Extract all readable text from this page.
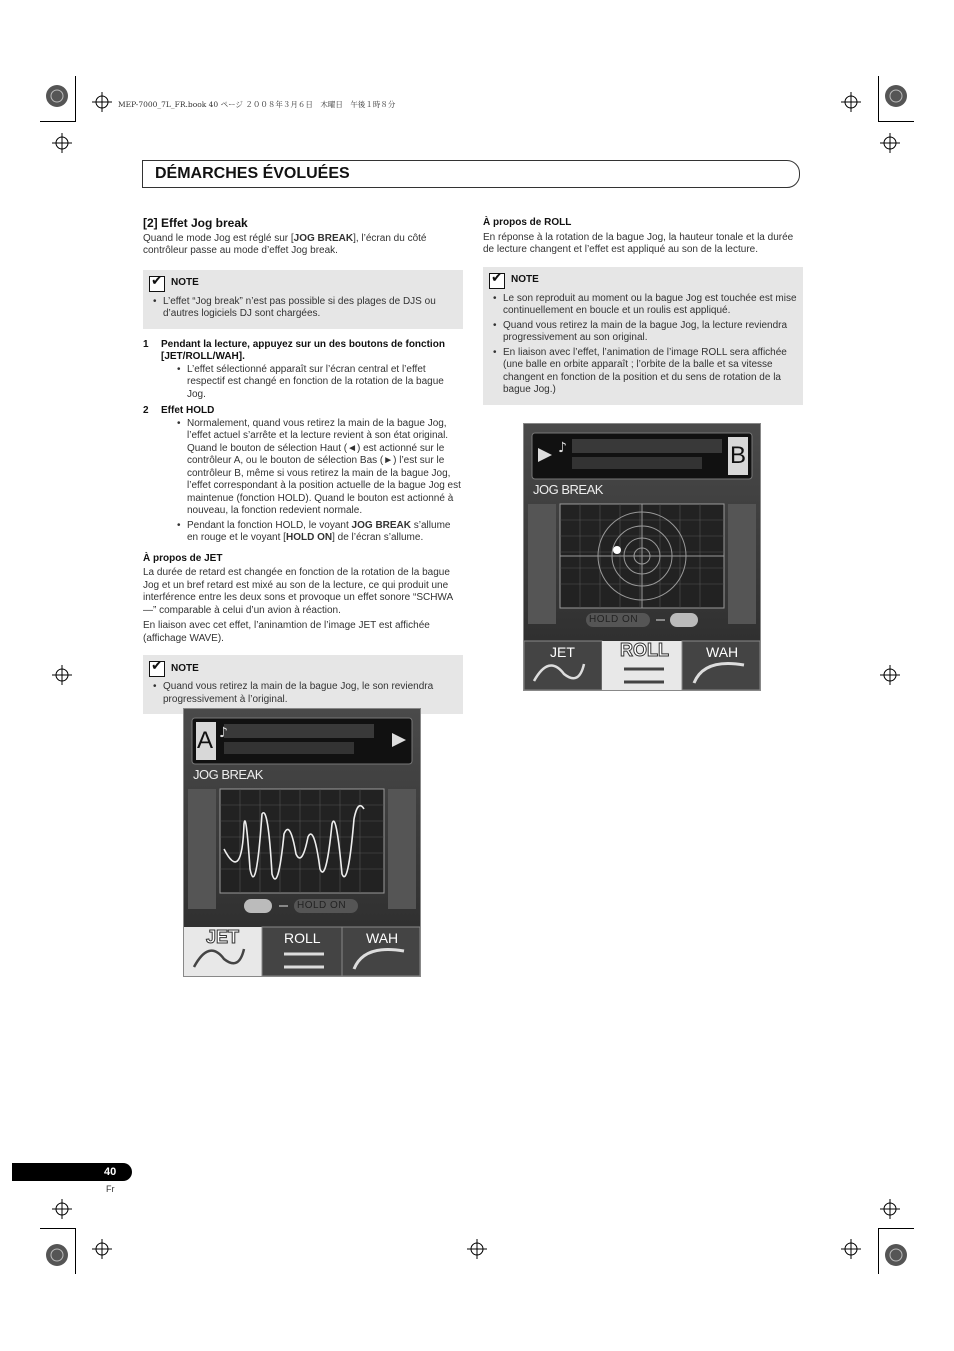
MEP-7000_7L_FR.book 40 ページ ２００８年３月６日　木曜日　午後１時８分
DÉMARCHES ÉVOLUÉES
[2] Effet Jog break

Quand le mode Jog est réglé sur [JOG BREAK], l’écran du côté contrôleur passe au mode d’effet Jog break.

✔
NOTE
• L’effet “Jog break” n’est pas possible si des plages de DJS ou d’autres logiciels DJ sont chargées.
1 Pendant la lecture, appuyez sur un des boutons de fonction [JET/ROLL/WAH].
• L’effet sélectionné apparaît sur l’écran central et l’effet respectif est changé en fonction de la rotation de la bague Jog.
2 Effet HOLD
• Normalement, quand vous retirez la main de la bague Jog, l’effet actuel s’arrête et la lecture revient à son état original. Quand le bouton de sélection Haut (◄) est actionné sur le contrôleur A, ou le bouton de sélection Bas (►) l’est sur le contrôleur B, même si vous retirez la main de la bague Jog, l’effet correspondant à la position actuelle de la bague Jog est maintenue (fonction HOLD). Quand le bouton est actionné à nouveau, la fonction redevient normale.
• Pendant la fonction HOLD, le voyant JOG BREAK s’allume en rouge et le voyant [HOLD ON] de l’écran s’allume.
À propos de JET

La durée de retard est changée en fonction de la rotation de la bague Jog et un bref retard est mixé au son de la lecture, ce qui produit une interférence entre les deux sons et provoque un effet sonore “SCHWA—” comparable à celui d’un avion à réaction.

En liaison avec cet effet, l’aninamtion de l’image JET est affichée (affichage WAVE).

✔
NOTE
• Quand vous retirez la main de la bague Jog, le son reviendra progressivement à l’original.
À propos de ROLL

En réponse à la rotation de la bague Jog, la hauteur tonale et la durée de lecture changent et l’effet est appliqué au son de la lecture.

✔
NOTE
• Le son reproduit au moment ou la bague Jog est touchée est mise continuellement en boucle et un roulis est appliqué.
• Quand vous retirez la main de la bague Jog, la lecture reviendra progressivement au son original.
• En liaison avec l’effet, l’animation de l’image ROLL sera affichée (une balle en orbite apparaît ; l’orbite de la balle et sa vitesse changent en fonction de la position et du sens de rotation de la bague Jog.)
♪
A
JOG BREAK
HOLD ON
JET	ROLL	WAH
♪	B
JOG BREAK
HOLD ON
JET	ROLL	WAH
40
Fr
